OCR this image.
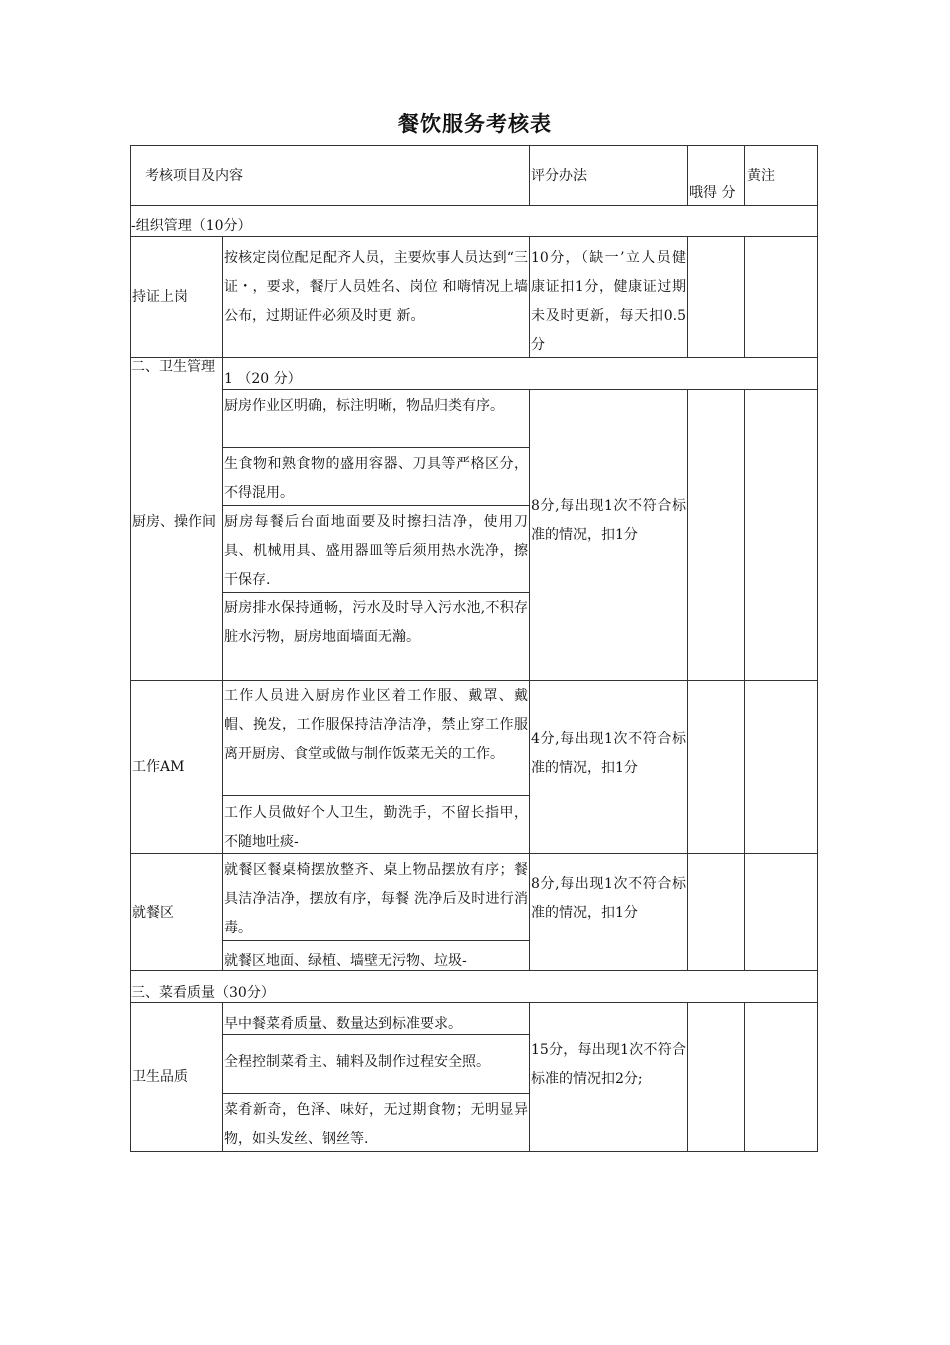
餐饮服务考核表
考核项目及内容	评分办法
哦得 分
黄注
-组织管理（10分）
持证上岗
按核定岗位配足配齐人员，主要炊事人员达到“三证・，要求，餐厅人员姓名、岗位 和嗨情况上墙公布，过期证件必须及时更 新。
10分，（缺一’立人员健康证扣1分，健康证过期未及时更新，每天扣0.5分
二、卫生管理
1 （20 分）
厨房、操作间
厨房作业区明确，标注明晰，物品归类有序。
生食物和熟食物的盛用容器、刀具等严格区分，不得混用。
厨房每餐后台面地面要及时擦扫洁净，使用刀具、机械用具、盛用器皿等后须用热水洗净，擦干保存.
厨房排水保持通畅，污水及时导入污水池,不积存脏水污物，厨房地面墙面无瀚。
8分,每出现1次不符合标准的情况，扣1分
工作AM
工作人员进入厨房作业区着工作服、戴罩、戴帽、挽发，工作服保持洁净洁净，禁止穿工作服离开厨房、食堂或做与制作饭菜无关的工作。
工作人员做好个人卫生，勤洗手，不留长指甲，不随地吐痰-
4分,每出现1次不符合标准的情况，扣1分
就餐区
就餐区餐桌椅摆放整齐、桌上物品摆放有序；餐具洁净洁净，摆放有序，每餐 洗净后及时进行消毒。
就餐区地面、绿植、墙壁无污物、垃圾-
8分,每出现1次不符合标准的情况，扣1分
三、菜看质量（30分）
卫生品质
早中餐菜肴质量、数量达到标准要求。
全程控制菜肴主、辅料及制作过程安全照。
菜肴新奇，色泽、味好，无过期食物；无明显异物，如头发丝、钢丝等.
15分，每出现1次不符合标准的情况扣2分;
